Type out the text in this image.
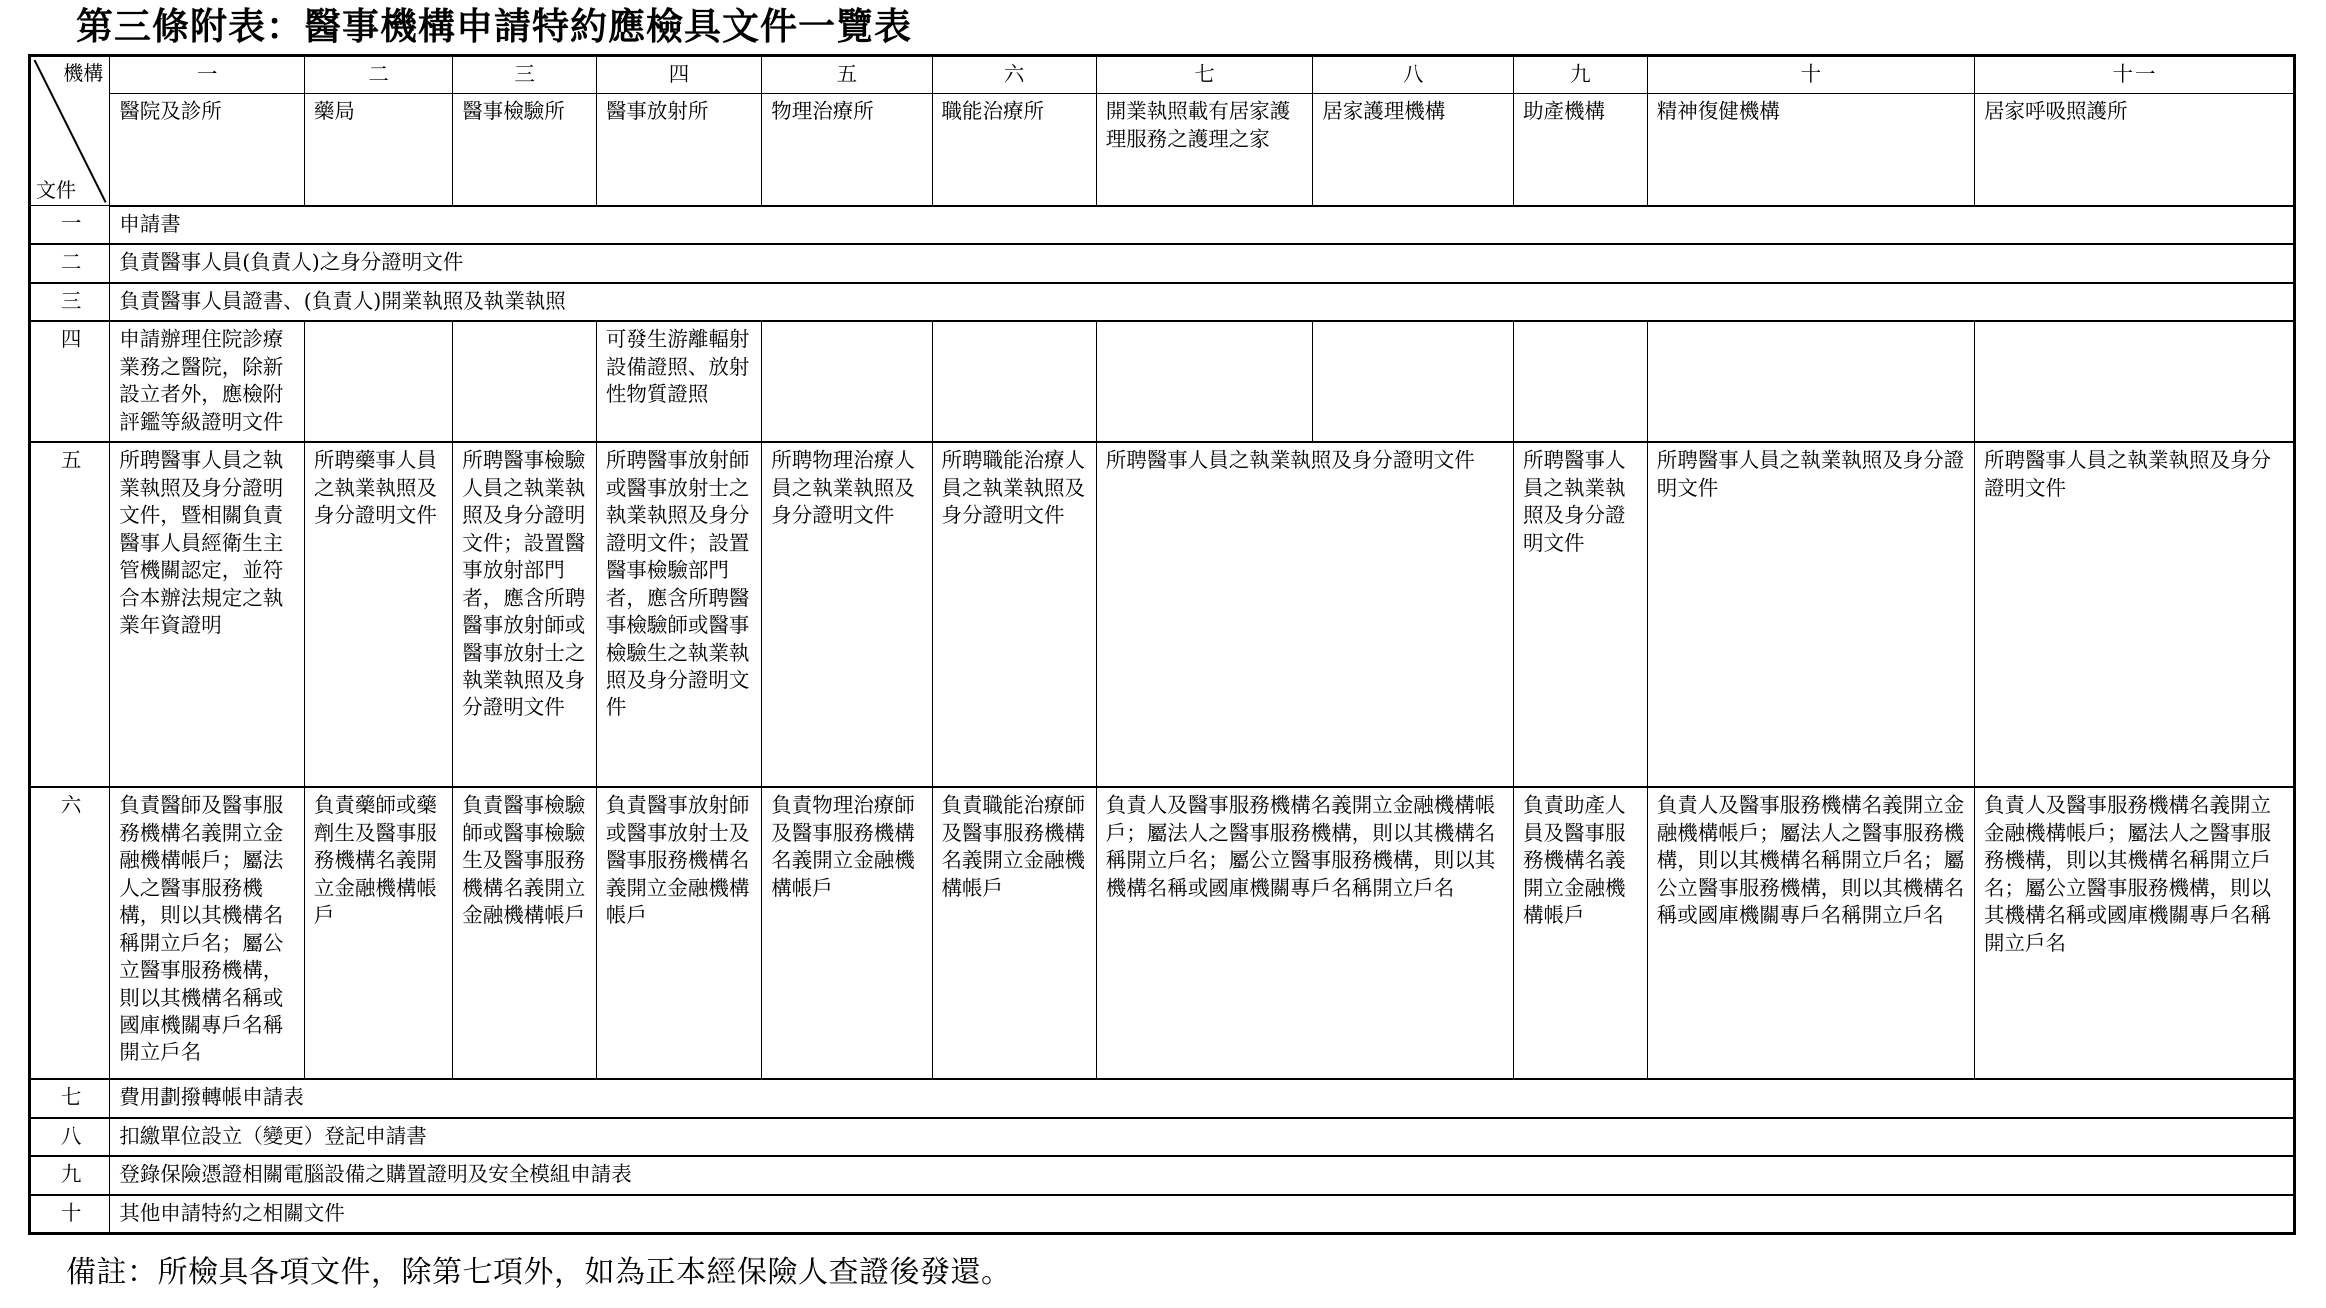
第三條附表：醫事機構申請特約應檢具文件一覽表
機構
文件	一	二	三	四	五	六	七	八	九	十	十一
	醫院及診所	藥局	醫事檢驗所	醫事放射所	物理治療所	職能治療所	開業執照載有居家護理服務之護理之家	居家護理機構	助產機構	精神復健機構	居家呼吸照護所
一	申請書										
二	負責醫事人員(負責人)之身分證明文件										
三	負責醫事人員證書、(負責人)開業執照及執業執照										
四	申請辦理住院診療業務之醫院，除新設立者外，應檢附評鑑等級證明文件			可發生游離輻射設備證照、放射性物質證照							
五	所聘醫事人員之執業執照及身分證明文件，暨相關負責醫事人員經衛生主管機關認定，並符合本辦法規定之執業年資證明	所聘藥事人員之執業執照及身分證明文件	所聘醫事檢驗人員之執業執照及身分證明文件；設置醫事放射部門者，應含所聘醫事放射師或醫事放射士之執業執照及身分證明文件	所聘醫事放射師或醫事放射士之執業執照及身分證明文件；設置醫事檢驗部門者，應含所聘醫事檢驗師或醫事檢驗生之執業執照及身分證明文件	所聘物理治療人員之執業執照及身分證明文件	所聘職能治療人員之執業執照及身分證明文件	所聘醫事人員之執業執照及身分證明文件		所聘醫事人員之執業執照及身分證明文件	所聘醫事人員之執業執照及身分證明文件	所聘醫事人員之執業執照及身分證明文件
六	負責醫師及醫事服務機構名義開立金融機構帳戶；屬法人之醫事服務機構，則以其機構名稱開立戶名；屬公立醫事服務機構，則以其機構名稱或國庫機關專戶名稱開立戶名	負責藥師或藥劑生及醫事服務機構名義開立金融機構帳戶	負責醫事檢驗師或醫事檢驗生及醫事服務機構名義開立金融機構帳戶	負責醫事放射師或醫事放射士及醫事服務機構名義開立金融機構帳戶	負責物理治療師及醫事服務機構名義開立金融機構帳戶	負責職能治療師及醫事服務機構名義開立金融機構帳戶	負責人及醫事服務機構名義開立金融機構帳戶；屬法人之醫事服務機構，則以其機構名稱開立戶名；屬公立醫事服務機構，則以其機構名稱或國庫機關專戶名稱開立戶名		負責助產人員及醫事服務機構名義開立金融機構帳戶	負責人及醫事服務機構名義開立金融機構帳戶；屬法人之醫事服務機構，則以其機構名稱開立戶名；屬公立醫事服務機構，則以其機構名稱或國庫機關專戶名稱開立戶名	負責人及醫事服務機構名義開立金融機構帳戶；屬法人之醫事服務機構，則以其機構名稱開立戶名；屬公立醫事服務機構，則以其機構名稱或國庫機關專戶名稱開立戶名
七	費用劃撥轉帳申請表										
八	扣繳單位設立（變更）登記申請書										
九	登錄保險憑證相關電腦設備之購置證明及安全模組申請表										
十	其他申請特約之相關文件										
備註：所檢具各項文件，除第七項外，如為正本經保險人查證後發還。
